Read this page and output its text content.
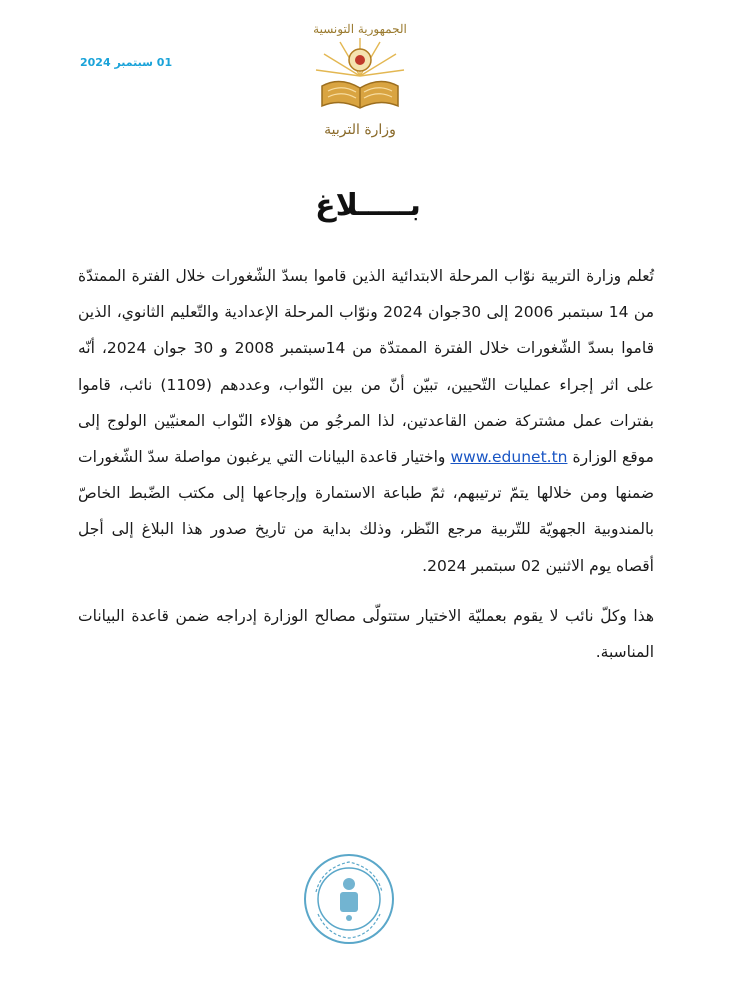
01 سبتمبر 2024
الجمهورية التونسية
وزارة التربية
بـــــلاغ

تُعلم وزارة التربية نوّاب المرحلة الابتدائية الذين قاموا بسدّ الشّغورات خلال الفترة الممتدّة من 14 سبتمبر 2006 إلى 30جوان 2024 ونوّاب المرحلة الإعدادية والتّعليم الثانوي، الذين قاموا بسدّ الشّغورات خلال الفترة الممتدّة من 14سبتمبر 2008 و 30 جوان 2024، أنّه على اثر إجراء عمليات التّحيين، تبيّن أنّ من بين النّواب، وعددهم (1109) نائب، قاموا بفترات عمل مشتركة ضمن القاعدتين، لذا المرجُو من هؤلاء النّواب المعنيّين الولوج إلى موقع الوزارة www.edunet.tn واختيار قاعدة البيانات التي يرغبون مواصلة سدّ الشّغورات ضمنها ومن خلالها يتمّ ترتيبهم، ثمّ طباعة الاستمارة وإرجاعها إلى مكتب الضّبط الخاصّ بالمندوبية الجهويّة للتّربية مرجع النّظر، وذلك بداية من تاريخ صدور هذا البلاغ إلى أجل أقصاه يوم الاثنين 02 سبتمبر 2024.

هذا وكلّ نائب لا يقوم بعمليّة الاختيار ستتولّى مصالح الوزارة إدراجه ضمن قاعدة البيانات المناسبة.
